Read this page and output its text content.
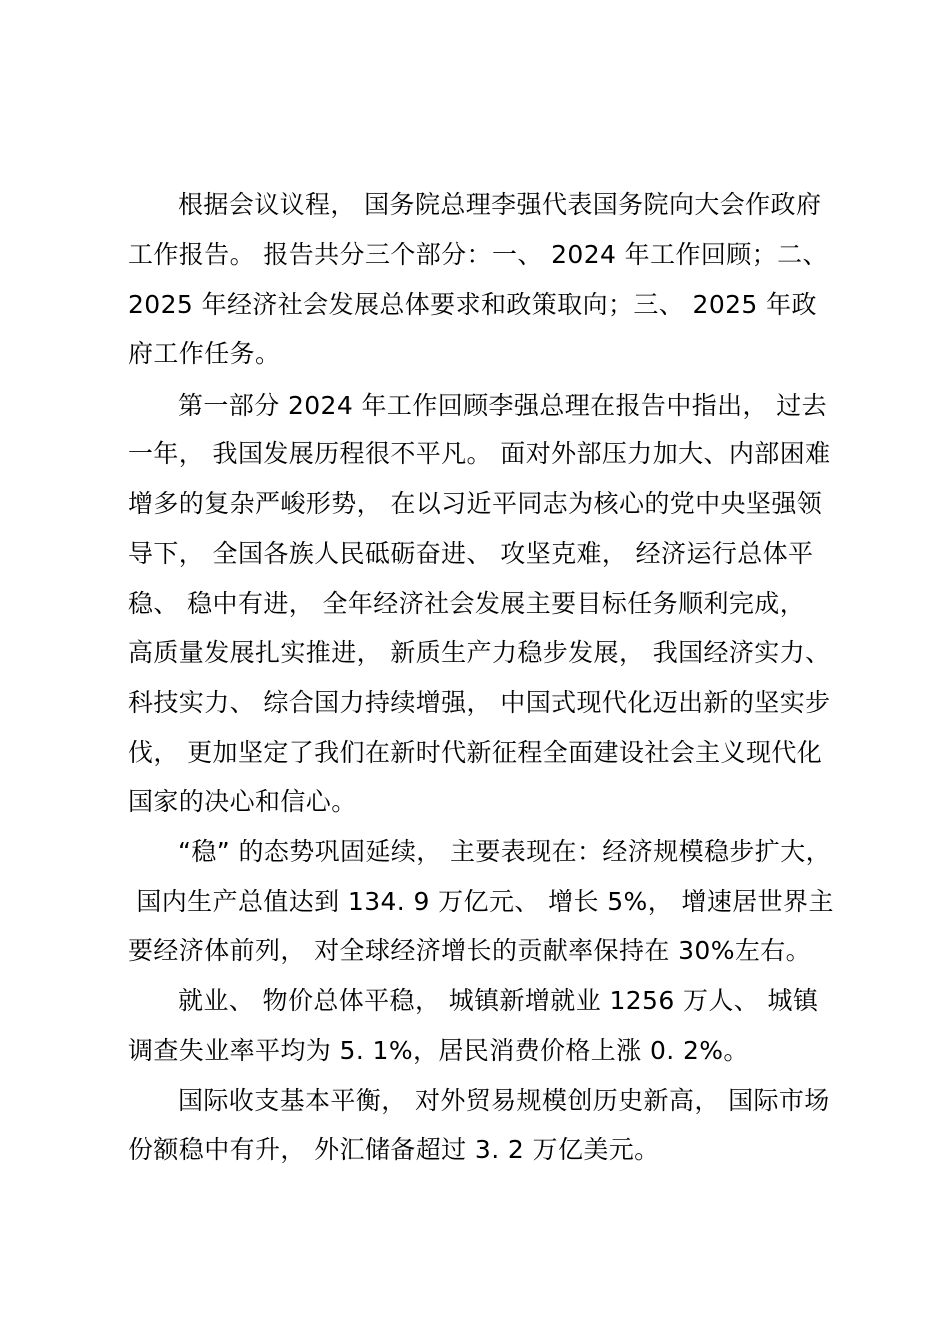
根据会议议程， 国务院总理李强代表国务院向大会作政府
工作报告。 报告共分三个部分：一、 2024 年工作回顾；二、
2025 年经济社会发展总体要求和政策取向；三、 2025 年政
府工作任务。
第一部分 2024 年工作回顾李强总理在报告中指出， 过去
一年， 我国发展历程很不平凡。 面对外部压力加大、内部困难
增多的复杂严峻形势， 在以习近平同志为核心的党中央坚强领
导下， 全国各族人民砥砺奋进、 攻坚克难， 经济运行总体平
稳、 稳中有进， 全年经济社会发展主要目标任务顺利完成，
高质量发展扎实推进， 新质生产力稳步发展， 我国经济实力、
科技实力、 综合国力持续增强， 中国式现代化迈出新的坚实步
伐， 更加坚定了我们在新时代新征程全面建设社会主义现代化
国家的决心和信心。
“稳” 的态势巩固延续， 主要表现在：经济规模稳步扩大，
国内生产总值达到 134. 9 万亿元、 增长 5%， 增速居世界主
要经济体前列， 对全球经济增长的贡献率保持在 30%左右。
就业、 物价总体平稳， 城镇新增就业 1256 万人、 城镇
调查失业率平均为 5. 1%，居民消费价格上涨 0. 2%。
国际收支基本平衡， 对外贸易规模创历史新高， 国际市场
份额稳中有升， 外汇储备超过 3. 2 万亿美元。
